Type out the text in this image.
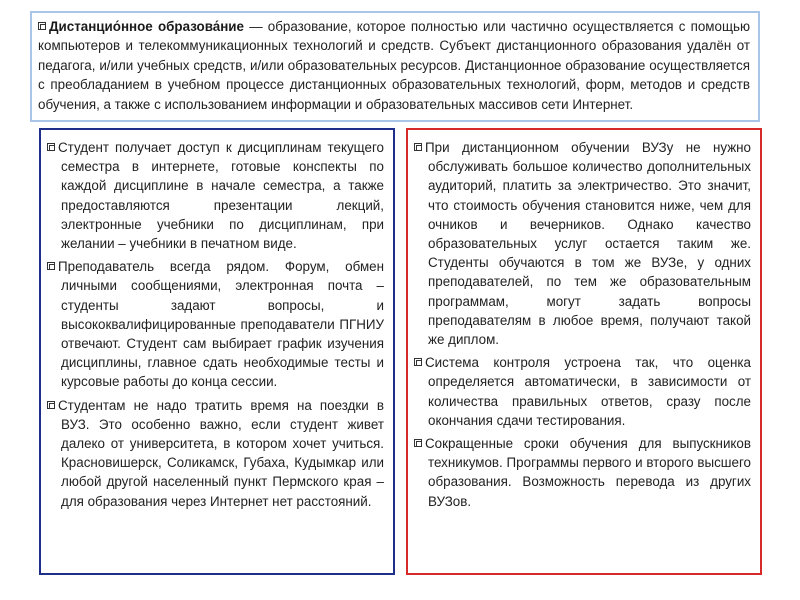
Дистанцио́нное образова́ние — образование, которое полностью или частично осуществляется с помощью компьютеров и телекоммуникационных технологий и средств. Субъект дистанционного образования удалён от педагога, и/или учебных средств, и/или образовательных ресурсов. Дистанционное образование осуществляется с преобладанием в учебном процессе дистанционных образовательных технологий, форм, методов и средств обучения, а также с использованием информации и образовательных массивов сети Интернет.

Студент получает доступ к дисциплинам текущего семестра в интернете, готовые конспекты по каждой дисциплине в начале семестра, а также предоставляются презентации лекций, электронные учебники по дисциплинам, при желании – учебники в печатном виде.

Преподаватель всегда рядом. Форум, обмен личными сообщениями, электронная почта – студенты задают вопросы, и высококвалифицированные преподаватели ПГНИУ отвечают. Студент сам выбирает график изучения дисциплины, главное сдать необходимые тесты и курсовые работы до конца сессии.

Студентам не надо тратить время на поездки в ВУЗ. Это особенно важно, если студент живет далеко от университета, в котором хочет учиться. Красновишерск, Соликамск, Губаха, Кудымкар или любой другой населенный пункт Пермского края – для образования через Интернет нет расстояний.

При дистанционном обучении ВУЗу не нужно обслуживать большое количество дополнительных аудиторий, платить за электричество. Это значит, что стоимость обучения становится ниже, чем для очников и вечерников. Однако качество образовательных услуг остается таким же. Студенты обучаются в том же ВУЗе, у одних преподавателей, по тем же образовательным программам, могут задать вопросы преподавателям в любое время, получают такой же диплом.

Система контроля устроена так, что оценка определяется автоматически, в зависимости от количества правильных ответов, сразу после окончания сдачи тестирования.

Сокращенные сроки обучения для выпускников техникумов. Программы первого и второго высшего образования. Возможность перевода из других ВУЗов.
